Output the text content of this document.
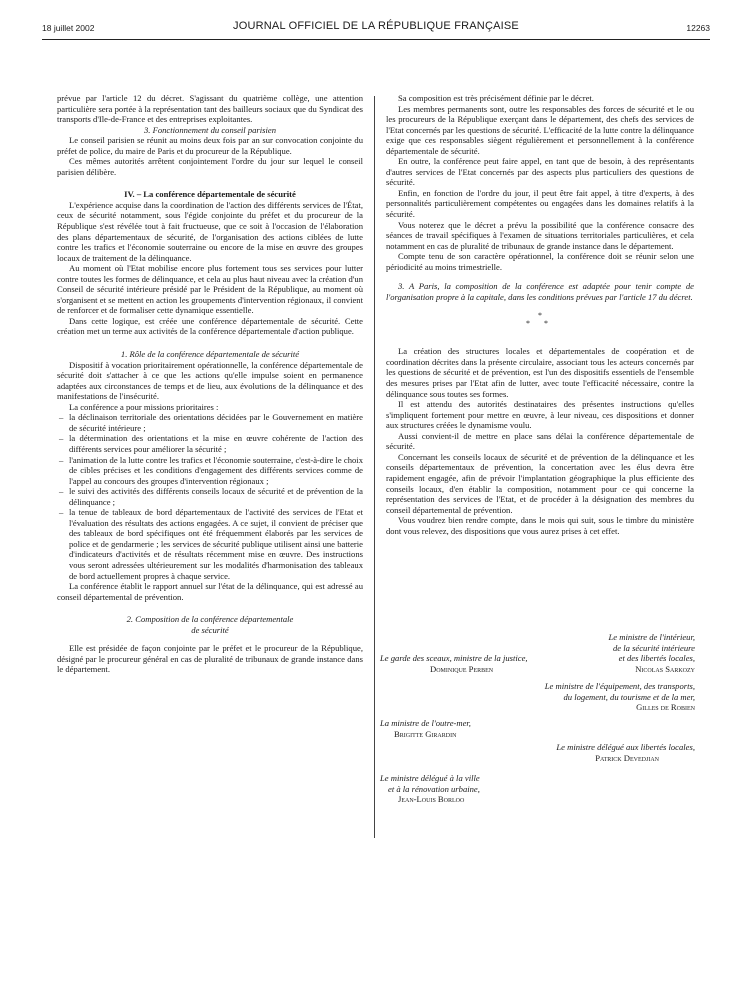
18 juillet 2002	JOURNAL OFFICIEL DE LA RÉPUBLIQUE FRANÇAISE	12263

prévue par l'article 12 du décret. S'agissant du quatrième collège, une attention particulière sera portée à la représentation tant des bailleurs sociaux que du Syndicat des transports d'Ile-de-France et des entreprises exploitantes.

3. Fonctionnement du conseil parisien

Le conseil parisien se réunit au moins deux fois par an sur convocation conjointe du préfet de police, du maire de Paris et du procureur de la République.

Ces mêmes autorités arrêtent conjointement l'ordre du jour sur lequel le conseil parisien délibère.

IV. – La conférence départementale de sécurité

L'expérience acquise dans la coordination de l'action des différents services de l'État, ceux de sécurité notamment, sous l'égide conjointe du préfet et du procureur de la République s'est révélée tout à fait fructueuse, que ce soit à l'occasion de l'élaboration des plans départementaux de sécurité, de l'organisation des actions ciblées de lutte contre les trafics et l'économie souterraine ou encore de la mise en œuvre des groupes locaux de traitement de la délinquance.

Au moment où l'Etat mobilise encore plus fortement tous ses services pour lutter contre toutes les formes de délinquance, et cela au plus haut niveau avec la création d'un Conseil de sécurité intérieure présidé par le Président de la République, au moment où s'organisent et se mettent en action les groupements d'intervention régionaux, il convient de renforcer et de formaliser cette dynamique essentielle.

Dans cette logique, est créée une conférence départementale de sécurité. Cette création met un terme aux activités de la conférence départementale d'action publique.

1. Rôle de la conférence départementale de sécurité

Dispositif à vocation prioritairement opérationnelle, la conférence départementale de sécurité doit s'attacher à ce que les actions qu'elle impulse soient en permanence adaptées aux circonstances de temps et de lieu, aux évolutions de la délinquance et des manifestations de l'insécurité.

La conférence a pour missions prioritaires :

– la déclinaison territoriale des orientations décidées par le Gouvernement en matière de sécurité intérieure ;
– la détermination des orientations et la mise en œuvre cohérente de l'action des différents services pour améliorer la sécurité ;
– l'animation de la lutte contre les trafics et l'économie souterraine, c'est-à-dire le choix de cibles précises et les conditions d'engagement des différents services comme de l'appel au concours des groupes d'intervention régionaux ;
– le suivi des activités des différents conseils locaux de sécurité et de prévention de la délinquance ;
– la tenue de tableaux de bord départementaux de l'activité des services de l'Etat et l'évaluation des résultats des actions engagées. A ce sujet, il convient de préciser que des tableaux de bord spécifiques ont été fréquemment élaborés par les services de police et de gendarmerie ; les services de sécurité publique utilisent ainsi une batterie d'indicateurs d'activités et de résultats récemment mise en œuvre. Des instructions vous seront adressées ultérieurement sur les modalités d'harmonisation des tableaux de bord actuellement propres à chaque service.

La conférence établit le rapport annuel sur l'état de la délinquance, qui est adressé au conseil départemental de prévention.

2. Composition de la conférence départementale
de sécurité

Elle est présidée de façon conjointe par le préfet et le procureur de la République, désigné par le procureur général en cas de pluralité de tribunaux de grande instance dans le département.

Sa composition est très précisément définie par le décret.

Les membres permanents sont, outre les responsables des forces de sécurité et le ou les procureurs de la République exerçant dans le département, des chefs des services de l'Etat concernés par les questions de sécurité. L'efficacité de la lutte contre la délinquance exige que ces responsables siègent régulièrement et personnellement à la conférence départementale de sécurité.

En outre, la conférence peut faire appel, en tant que de besoin, à des représentants d'autres services de l'Etat concernés par des aspects plus particuliers des questions de sécurité.

Enfin, en fonction de l'ordre du jour, il peut être fait appel, à titre d'experts, à des personnalités particulièrement compétentes ou engagées dans les domaines relatifs à la sécurité.

Vous noterez que le décret a prévu la possibilité que la conférence consacre des séances de travail spécifiques à l'examen de situations territoriales particulières, et cela notamment en cas de pluralité de tribunaux de grande instance dans le département.

Compte tenu de son caractère opérationnel, la conférence doit se réunir selon une périodicité au moins trimestrielle.

3. A Paris, la composition de la conférence est adaptée pour tenir compte de l'organisation propre à la capitale, dans les conditions prévues par l'article 17 du décret.

*
* *

La création des structures locales et départementales de coopération et de coordination décrites dans la présente circulaire, associant tous les acteurs concernés par les questions de sécurité et de prévention, est l'un des dispositifs essentiels de l'ensemble des mesures prises par l'Etat afin de lutter, avec toute l'efficacité nécessaire, contre la délinquance sous toutes ses formes.

Il est attendu des autorités destinataires des présentes instructions qu'elles s'impliquent fortement pour mettre en œuvre, à leur niveau, ces dispositions et donner aux structures créées le dynamisme voulu.

Aussi convient-il de mettre en place sans délai la conférence départementale de sécurité.

Concernant les conseils locaux de sécurité et de prévention de la délinquance et les conseils départementaux de prévention, la concertation avec les élus devra être rapidement engagée, afin de prévoir l'implantation géographique la plus efficiente des conseils locaux, d'en établir la composition, notamment pour ce qui concerne la représentation des services de l'Etat, et de procéder à la désignation des membres du conseil départemental de prévention.

Vous voudrez bien rendre compte, dans le mois qui suit, sous le timbre du ministère dont vous relevez, des dispositions que vous aurez prises à cet effet.

Le ministre de l'intérieur,
de la sécurité intérieure
et des libertés locales,
Nicolas Sarkozy
Le garde des sceaux, ministre de la justice,
Dominique Perben
Le ministre de l'équipement, des transports,
du logement, du tourisme et de la mer,
Gilles de Robien
La ministre de l'outre-mer,
Brigitte Girardin
Le ministre délégué aux libertés locales,
Patrick Devedjian
Le ministre délégué à la ville
et à la rénovation urbaine,
Jean-Louis Borloo
